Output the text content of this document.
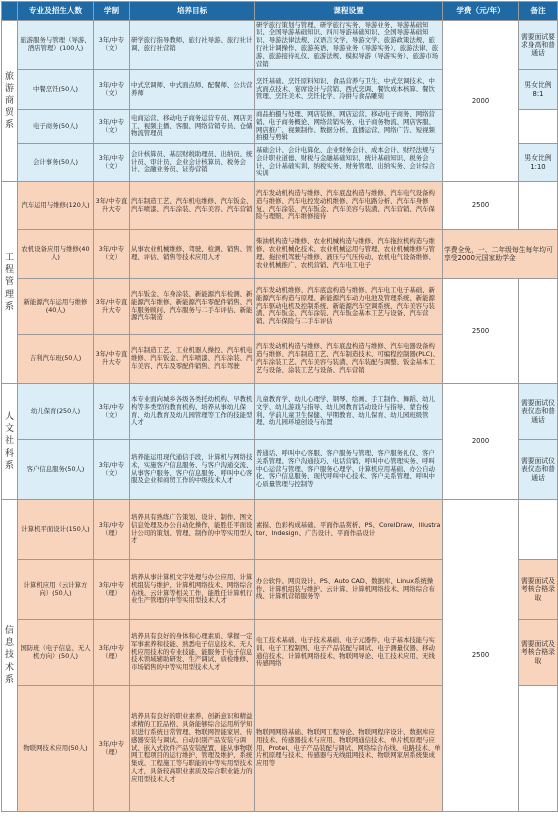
	专业及招生人数	学制	培养目标	课程设置	学费（元/年）	备注
旅游商贸系	旅游服务与管理（导游、酒店管理）(100人)	3年/中专（文）	研学旅行指导教师、旅行社导游、旅行社计调、旅行社营销	研学旅行策划与管理、研学旅行实务、导游业务、导游基础知识、全国导游基础知识、四川导游基础知识、全国导游基础知识、导游法律法规、汉语言文学、导游文学、旅游政策法规、旅行社计调操作、旅游英语、导游业务（导游实务）、旅游法律、旅游、旅游接待礼仪、旅游法规、模拟导游（导游实务）、旅游市场营销	2000	需要面试要求身高和普通话
	中餐烹饪(50人)	3年/中专（文）	中式烹调师、中式面点师、配餐师、公共营养师	烹饪基础、烹饪原料知识、食品营养与卫生、中式烹调技术、中式面点技术、宴席设计与营销、西式烹调、餐饮成本核算、餐饮管理、烹饪美术、烹饪化学、冷拼与食品雕刻		男女比例8:1
	电子商务(50人)	3年/中专（文）	电商运营、移动电子商务运营专员、网店美工、视频主播、客服、网络营销专员、仓储物流管理员	商品拍摄与处理、网店装修、网店运营、移动电子商务、网络营销、电子商务概论、网络营销实务、电子商务物流、网店客服、网店推广、视频制作、数据分析、直播运营、网络广告、短视频拍摄与剪辑		
	会计事务(50人)	3年/中专（文）	会计核算员、基层财税助理员、出纳员、统计员、审计员、企业会计核算员、税务会计、金融业务员、证券营销	基础会计、会计电算化、企业财务会计、成本会计、财经法规与会计职业道德、财税与金融基础知识、统计基础知识、税务会计、会计基础实训、纳税实务、财务管理、出纳实务、会计综合实训		男女比例1:10
工程管理系	汽车运用与维修(120人)	3年/中专直升大专	汽车制造工艺、汽车机电维修、汽车钣金、汽车喷漆、汽车涂装、汽车美容、汽车营销	汽车发动机构造与维修、汽车底盘构造与维修、汽车电气设备构造与维修、汽车电控发动机维修、汽车电路分析、汽车车身修复、汽车涂装、汽车钣金、汽车美容与装潢、汽车营销、汽车保险与理赔、汽车维修接待	2500	
	农机设备应用与维修(40人)	3年/中专（文）	从事农业机械维修、驾驶、检测、销售、管理、评估、销售等技术应用人才	柴油机构造与维修、农业机械构造与维修、汽车拖拉机构造与维修、农业机械化技术、农业机械运用与管理、农业机械维修与管理、拖拉机驾驶与维修、液压与气压传动、农机电气设备维修、农业机械推广、农机营销、汽车电工电子	学费全免，一、二年级每生每年均可享受2000元国家助学金	
	新能源汽车运用与维修(40人)	3年/中专直升大专	汽车钣金、车身涂装、新能源汽车检测、新能源汽车维修、新能源汽车零配件销售、汽车服务顾问、汽车服务与二手车评估、新能源汽车制造	汽车发动机维修、汽车底盘构造与维修、汽车电工电子基础、新能源汽车构造与原理、新能源汽车动力电池及管理系统、新能源汽车驱动电机及控制系统、新能源汽车空调系统、汽车美容与装潢、汽车钣金、汽车涂装、汽车钣金基本工艺与设备、汽车营销、汽车保险与二手车评估	2500	
	吉利汽车班(50人)	3年/中专直升大专	汽车制造工艺、工业机器人操控、汽车机电维修、汽车钣金、汽车喷漆、汽车涂装、汽车美容、汽车及零配件销售、汽车驾驶	汽车发动机构造与维修、汽车底盘构造与维修、汽车电器设备构造与维修、汽车制造工艺、汽车制造技术、可编程控制器(PLC)、汽车涂装工艺、汽车美容与装潢、汽车装配与调整、钣金基本工艺与设备、涂装工艺与设备、汽车营销		
人文社科系	幼儿保育(250人)	3年/中专（文）	本专业面向城乡各级各类托幼机构、早教机构等多类型的教育机构、培养从事幼儿保育、幼儿教育及幼儿园管理等工作的技能型人才	儿童教育学、幼儿心理学、钢琴、绘画、手工制作、舞蹈、幼儿文学、幼儿游戏与指导、幼儿园教育活动设计与指导、蒙台梭利、学前儿童卫生保健、早期教育、幼儿保育、幼儿园班级管理、幼儿园环境创设与布置	2000	需要面试仪表仪态和普通话
	客户信息服务(50人)	3年/中专（文）	培养能运用现代通信手段，计算机与网络技术，实施客户信息服务、与客户沟通交流、从事客户服务、客户信息服务、呼叫中心客服及企业和商贸工作的中级技术人才	普通话、呼叫中心客服、客户服务与管理、客户服务礼仪、客户关系管理、客户沟通技巧、电话营销、呼叫中心管理实务、呼叫中心运营与管理、客户服务心理学、计算机应用基础、办公自动化、客户信息服务、现代呼叫中心技术、客户关系管理、呼叫中心质量管理与控制等		需要面试仪表仪态和普通话
信息技术系	计算机平面设计(150人)	3年/中专（理）	培养具有熟练广告策划、设计、制作、图文信息处理及办公自动化操作，能胜任平面设计公司的策划、管理、制作的中等实用型人才	素描、色彩构成基础、平面作品赏析、PS、CorelDraw、Illustrator、Indesign、广告设计、平面作品设计	2500	
	计算机应用（云计算方向）(50人)	3年/中专（理）	培养从事计算机文字处理与办公应用、计算机组装与维护、计算机网络技术、网络综合布线、云计算等相关工作，能胜任计算机行业生产管理的中等实用型技术人才	办公软件、网页设计、PS、Auto CAD、数据库、Linux系统操作、计算机组装与维护、云计算、计算机网络技术、网络综合布线、计算机营销服务等		需要面试及考核合格录取
	国防班（电子信息、无人机方向）(50人)	3年/中专（理）	培养具有良好的身体和心理素质、掌握一定军事素养和技能、熟悉电子信息技术、无人机应用技术的专业技能，能服务于电子信息技术领域辅助研发、生产调试、质检维修、市场销售的中等实用型技术人才	电工技术基础、电子技术基础、电子元器件、电子基本技能与实训、电子工程制图、电子产品装配与调试、电子测量仪器、移动通信技术、计算机网络技术、物联网导论、电工技术应用、无线传感网络		需要面试及考核合格录取
	物联网技术应用(50人)	3年/中专（理）	培养具有良好的职业素养、创新意识和精益求精的工匠品格、具备能够综合运用所学知识进行系统日常管理、物联网智能家居、传感器安装与调试、自动识别产品安装与调试、嵌入式软件产品安装配置，能从事物联网工程项目的运行维护、管理及维护、系统集成、工程施工等与职能的中等实用型技术人才，具备较高职业素质及综合职业能力的应用型技术人才	物联网网络基础、物联网工程导论、物联网程序设计、数据库应用技术、传感器技术与应用、物联网通信技术、单片机原理与应用、Protel、电子产品装配与调试、网络综合布线、电路技术、单片机原理与技术、传感器与无线组网技术、物联网家居系统集成应用等		
